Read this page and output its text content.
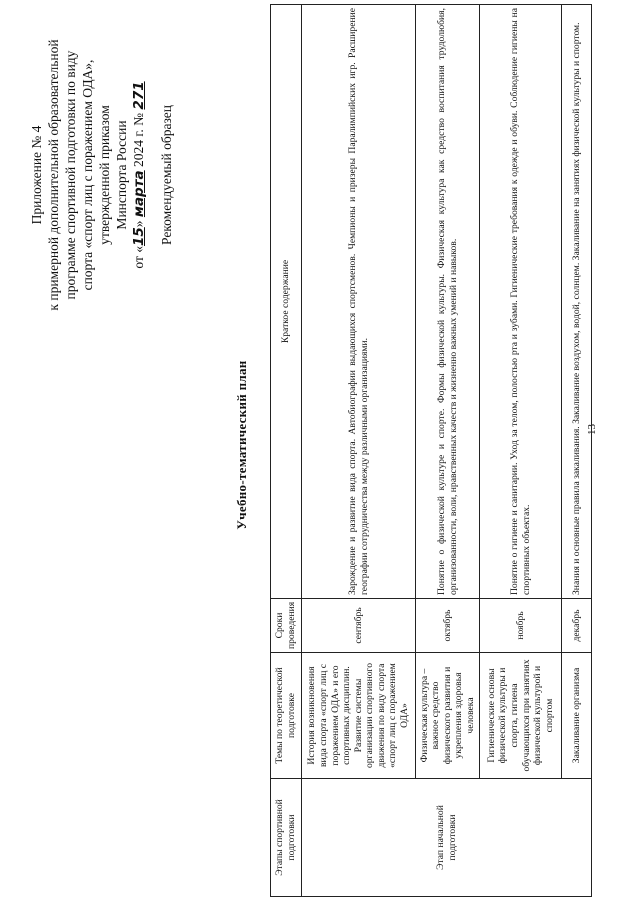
13
Приложение № 4 к примерной дополнительной образовательной программе спортивной подготовки по виду спорта «спорт лиц с поражением ОДА», утвержденной приказом Минспорта России
от «15» марта 2024 г. № 271
Рекомендуемый образец
Учебно-тематический план
Этапы спортивной подготовки	Темы по теоретической подготовке	Сроки проведения	Краткое содержание
Этап начальной подготовки	История возникновения вида спорта «спорт лиц с поражением ОДА» и его спортивных дисциплин. Развитие системы организации спортивного движения по виду спорта «спорт лиц с поражением ОДА»	сентябрь	Зарождение и развитие вида спорта. Автобиографии выдающихся спортсменов. Чемпионы и призеры Паралимпийских игр. Расширение географии сотрудничества между различными организациями.
	Физическая культура – важное средство физического развития и укрепления здоровья человека	октябрь	Понятие о физической культуре и спорте. Формы физической культуры. Физическая культура как средство воспитания трудолюбия, организованности, воли, нравственных качеств и жизненно важных умений и навыков.
	Гигиенические основы физической культуры и спорта, гигиена обучающихся при занятиях физической культурой и спортом	ноябрь	Понятие о гигиене и санитарии. Уход за телом, полостью рта и зубами. Гигиенические требования к одежде и обуви. Соблюдение гигиены на спортивных объектах.
	Закаливание организма	декабрь	Знания и основные правила закаливания. Закаливание воздухом, водой, солнцем. Закаливание на занятиях физической культуры и спортом.
